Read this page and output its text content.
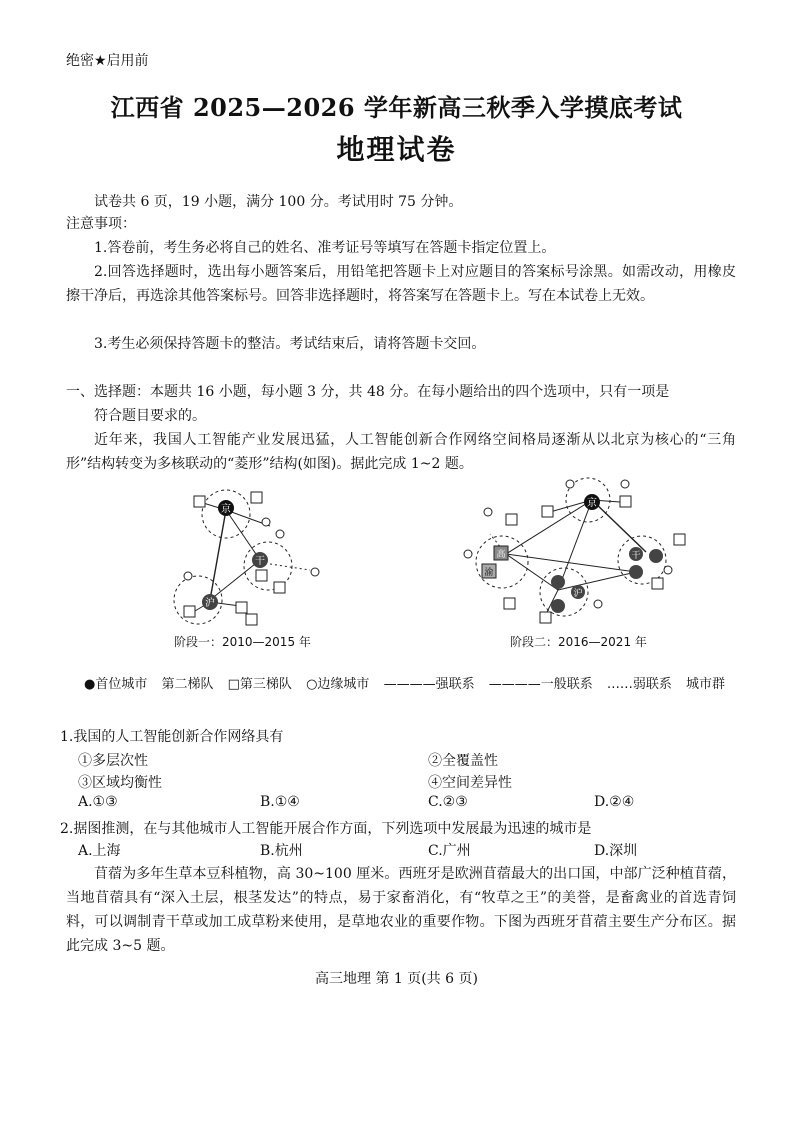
绝密★启用前
江西省 2025—2026 学年新高三秋季入学摸底考试
地理试卷
试卷共 6 页，19 小题，满分 100 分。考试用时 75 分钟。
注意事项：
1.答卷前，考生务必将自己的姓名、准考证号等填写在答题卡指定位置上。
2.回答选择题时，选出每小题答案后，用铅笔把答题卡上对应题目的答案标号涂黑。如需改动，用橡皮擦干净后，再选涂其他答案标号。回答非选择题时，将答案写在答题卡上。写在本试卷上无效。
3.考生必须保持答题卡的整洁。考试结束后，请将答题卡交回。
一、选择题：本题共 16 小题，每小题 3 分，共 48 分。在每小题给出的四个选项中，只有一项是
符合题目要求的。
近年来，我国人工智能产业发展迅猛，人工智能创新合作网络空间格局逐渐从以北京为核心的“三角形”结构转变为多核联动的“菱形”结构(如图)。据此完成 1~2 题。
京
干
沪
阶段一：2010—2015 年
京
干
高
渝
沪
阶段二：2016—2021 年
●首位城市 第二梯队 □第三梯队 ○边缘城市 ————强联系 ————一般联系 ……弱联系 城市群
1.我国的人工智能创新合作网络具有
①多层次性	②全覆盖性
③区域均衡性	④空间差异性
A.①③	B.①④	C.②③	D.②④
2.据图推测，在与其他城市人工智能开展合作方面，下列选项中发展最为迅速的城市是
A.上海	B.杭州	C.广州	D.深圳
苜蓿为多年生草本豆科植物，高 30~100 厘米。西班牙是欧洲苜蓿最大的出口国，中部广泛种植苜蓿，当地苜蓿具有“深入土层，根茎发达”的特点，易于家畜消化，有“牧草之王”的美誉，是畜禽业的首选青饲料，可以调制青干草或加工成草粉来使用，是草地农业的重要作物。下图为西班牙苜蓿主要生产分布区。据此完成 3~5 题。
高三地理 第 1 页(共 6 页)
